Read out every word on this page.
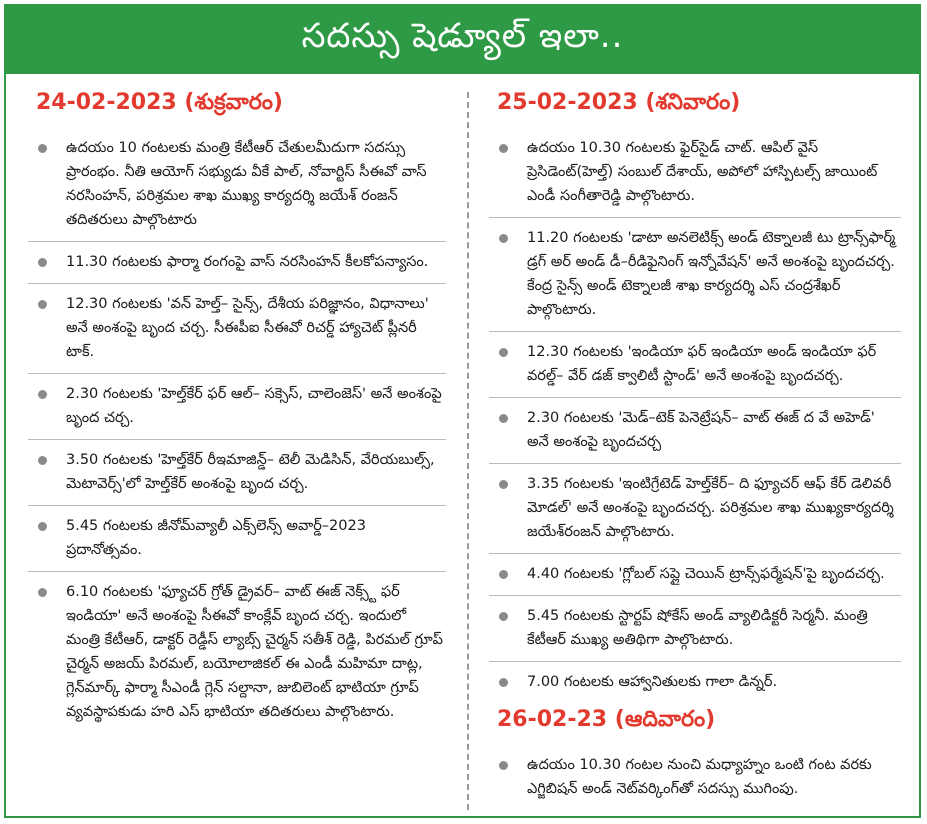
సదస్సు షెడ్యూల్ ఇలా..
24-02-2023 (శుక్రవారం)
ఉదయం 10 గంటలకు మంత్రి కేటీఆర్ చేతులమీదుగా సదస్సు ప్రారంభం. నీతి ఆయోగ్ సభ్యుడు వీకే పాల్, నోవార్టిస్ సీఈవో వాస్ నరసింహన్, పరిశ్రమల శాఖ ముఖ్య కార్యదర్శి జయేశ్ రంజన్ తదితరులు పాల్గొంటారు
11.30 గంటలకు ఫార్మా రంగంపై వాస్ నరసింహన్ కీలకోపన్యాసం.
12.30 గంటలకు 'వన్ హెల్త్– సైన్స్, దేశీయ పరిజ్ఞానం, విధానాలు' అనే అంశంపై బృంద చర్చ. సీఈపీఐ సీఈవో రిచర్డ్ హ్యాచెట్ ప్లీనరీ టాక్.
2.30 గంటలకు 'హెల్త్‌కేర్ ఫర్ ఆల్– సక్సెస్, చాలెంజెస్' అనే అంశంపై బృంద చర్చ.
3.50 గంటలకు 'హెల్త్‌కేర్ రీఇమాజిన్డ్– టెలీ మెడిసిన్, వేరియబుల్స్, మెటావెర్స్'లో హెల్త్‌కేర్ అంశంపై బృంద చర్చ.
5.45 గంటలకు జీనోమ్‌వ్యాలీ ఎక్స్‌లెన్స్ అవార్డ్–2023 ప్రదానోత్సవం.
6.10 గంటలకు 'ఫ్యూచర్ గ్రోత్ డ్రైవర్– వాట్ ఈజ్ నెక్స్ట్ ఫర్ ఇండియా' అనే అంశంపై సీఈవో కాంక్లేవ్ బృంద చర్చ. ఇందులో మంత్రి కేటీఆర్, డాక్టర్ రెడ్డీస్ ల్యాబ్స్ చైర్మన్ సతీశ్ రెడ్డి, పిరమల్ గ్రూప్ చైర్మన్ అజయ్ పిరమల్, బయోలాజికల్ ఈ ఎండీ మహిమా దాట్ల, గ్లెన్‌మార్క్ ఫార్మా సీఎండీ గ్లెన్ సల్దానా, జుబిలెంట్ భాటియా గ్రూప్ వ్యవస్థాపకుడు హరి ఎస్ భాటియా తదితరులు పాల్గొంటారు.
25-02-2023 (శనివారం)
ఉదయం 10.30 గంటలకు ఫైర్‌సైడ్ చాట్. ఆపిల్ వైస్ ప్రెసిడెంట్(హెల్త్) సంబుల్ దేశాయ్, అపోలో హాస్పిటల్స్ జాయింట్ ఎండీ సంగీతారెడ్డి పాల్గొంటారు.
11.20 గంటలకు 'డాటా అనలెటిక్స్ అండ్ టెక్నాలజీ టు ట్రాన్స్‌ఫార్మ్ డ్రగ్ అర్ అండ్ డీ–రీడిఫైనింగ్ ఇన్నోవేషన్' అనే అంశంపై బృందచర్చ. కేంద్ర సైన్స్ అండ్ టెక్నాలజీ శాఖ కార్యదర్శి ఎస్ చంద్రశేఖర్ పాల్గొంటారు.
12.30 గంటలకు 'ఇండియా ఫర్ ఇండియా అండ్ ఇండియా ఫర్ వరల్డ్– వేర్ డజ్ క్వాలిటీ స్టాండ్' అనే అంశంపై బృందచర్చ.
2.30 గంటలకు 'మెడ్–టెక్ పెనెట్రేషన్– వాట్ ఈజ్ ద వే అహెడ్' అనే అంశంపై బృందచర్చ
3.35 గంటలకు 'ఇంటిగ్రేటెడ్ హెల్త్‌కేర్– ది ఫ్యూచర్ ఆఫ్ కేర్ డెలివరీ మోడల్' అనే అంశంపై బృందచర్చ. పరిశ్రమల శాఖ ముఖ్యకార్యదర్శి జయేశ్‌రంజన్ పాల్గొంటారు.
4.40 గంటలకు 'గ్లోబల్ సప్లై చెయిన్ ట్రాన్స్‌ఫర్మేషన్'పై బృందచర్చ.
5.45 గంటలకు స్టార్టప్ షోకేస్ అండ్ వ్యాలిడిక్టరీ సెర్మనీ. మంత్రి కేటీఆర్ ముఖ్య అతిథిగా పాల్గొంటారు.
7.00 గంటలకు ఆహ్వానితులకు గాలా డిన్నర్.
26-02-23 (ఆదివారం)
ఉదయం 10.30 గంటల నుంచి మధ్యాహ్నం ఒంటి గంట వరకు ఎగ్జిబిషన్ అండ్ నెట్‌వర్కింగ్‌తో సదస్సు ముగింపు.
